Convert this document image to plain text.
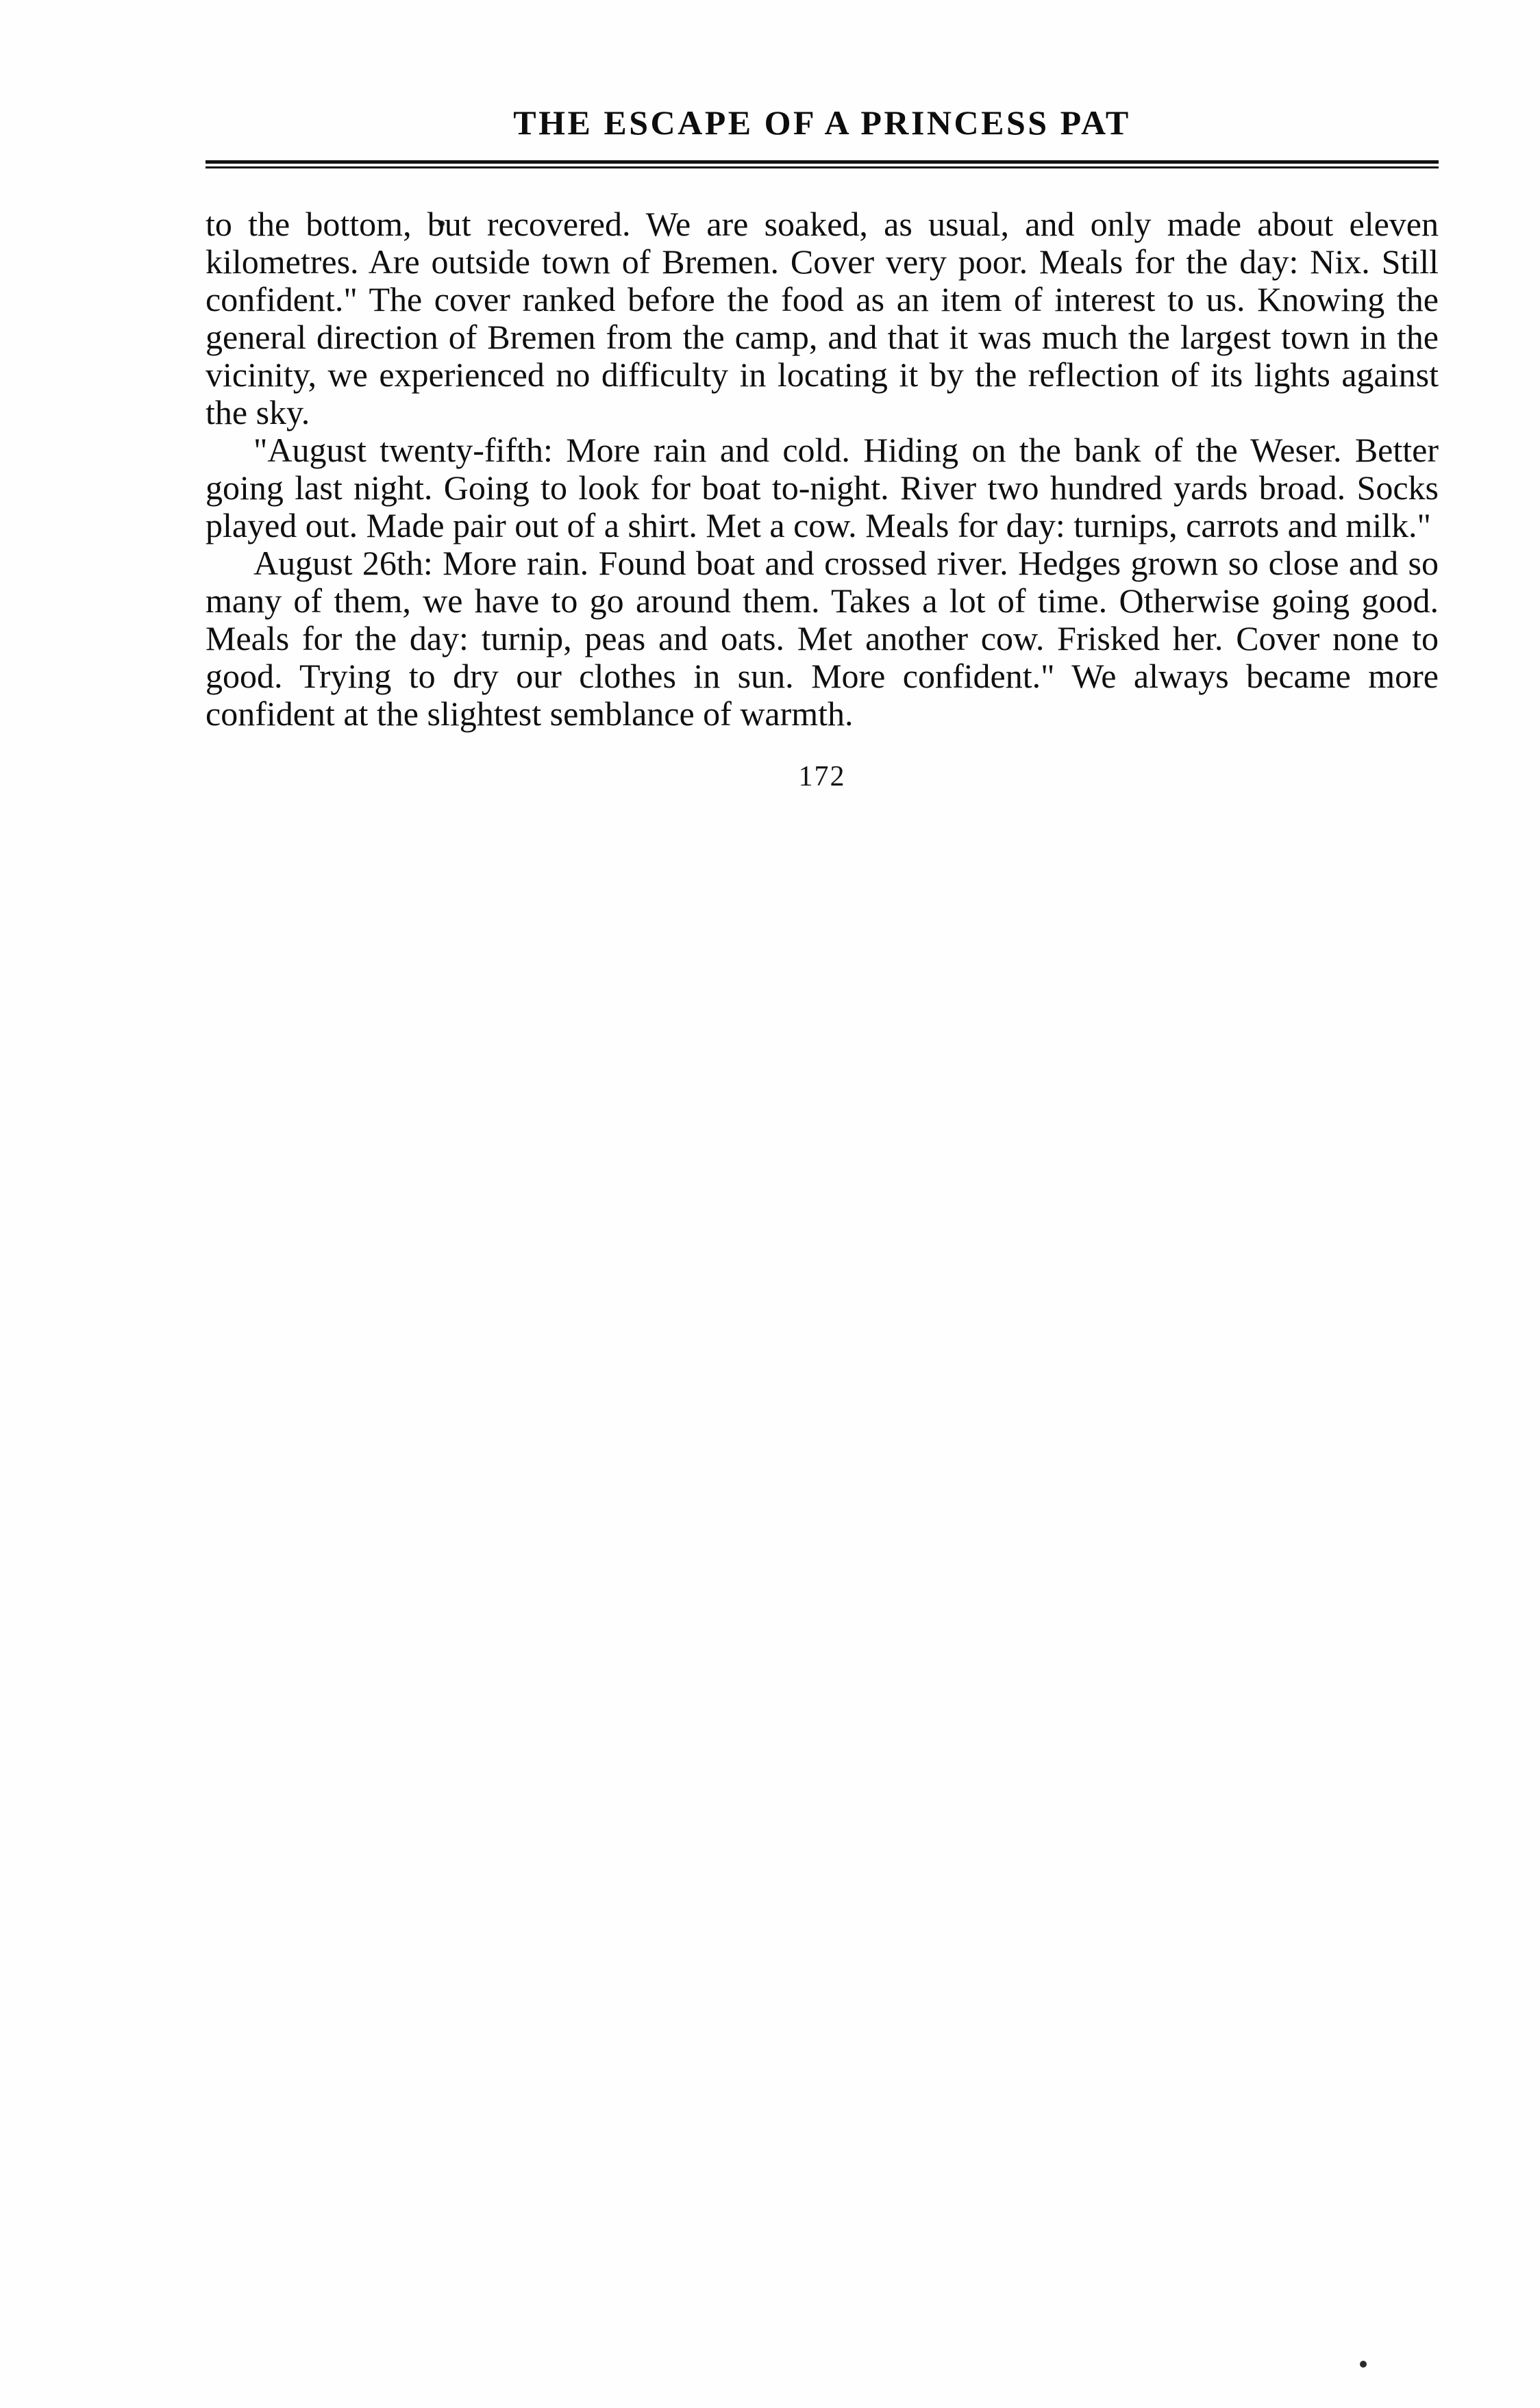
THE ESCAPE OF A PRINCESS PAT

to the bottom, but recovered. We are soaked, as usual, and only made about eleven kilometres. Are outside town of Bremen. Cover very poor. Meals for the day: Nix. Still confident." The cover ranked before the food as an item of interest to us. Knowing the general direction of Bremen from the camp, and that it was much the largest town in the vicinity, we experienced no difficulty in locating it by the reflection of its lights against the sky.

"August twenty-fifth: More rain and cold. Hiding on the bank of the Weser. Better going last night. Going to look for boat to-night. River two hundred yards broad. Socks played out. Made pair out of a shirt. Met a cow. Meals for day: turnips, carrots and milk."

August 26th: More rain. Found boat and crossed river. Hedges grown so close and so many of them, we have to go around them. Takes a lot of time. Otherwise going good. Meals for the day: turnip, peas and oats. Met another cow. Frisked her. Cover none to good. Trying to dry our clothes in sun. More confident." We always became more confident at the slightest semblance of warmth.

172
